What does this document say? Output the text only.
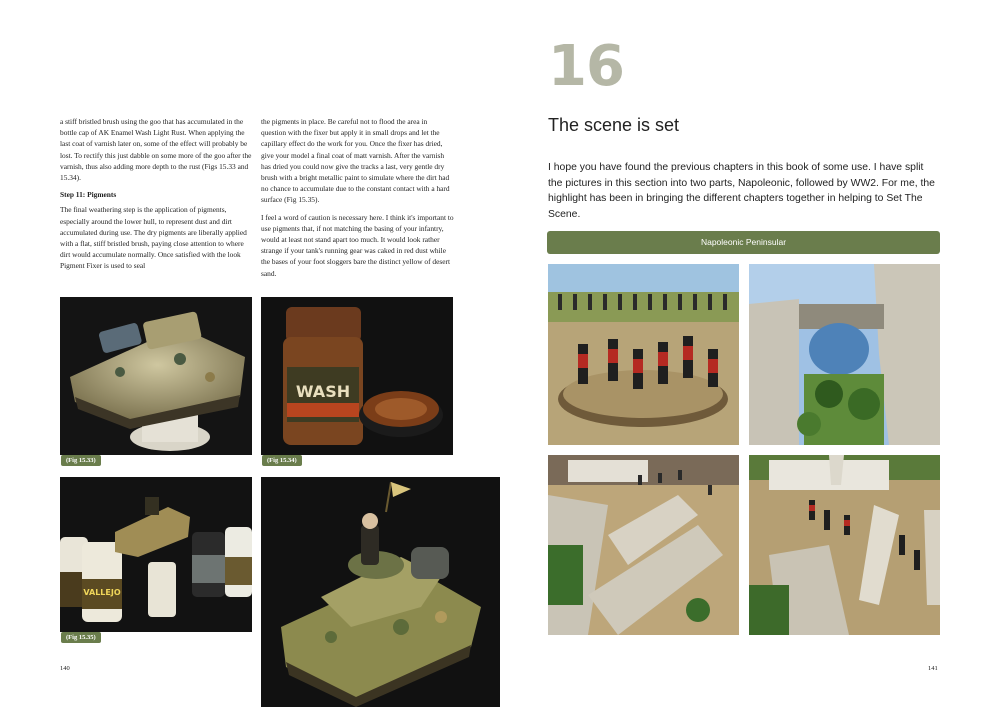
a stiff bristled brush using the goo that has accumulated in the bottle cap of AK Enamel Wash Light Rust. When applying the last coat of varnish later on, some of the effect will probably be lost. To rectify this just dabble on some more of the goo after the varnish, thus also adding more depth to the rust (Figs 15.33 and 15.34).

Step 11: Pigments

The final weathering step is the application of pigments, especially around the lower hull, to represent dust and dirt accumulated during use. The dry pigments are liberally applied with a flat, stiff bristled brush, paying close attention to where dirt would accumulate normally. Once satisfied with the look Pigment Fixer is used to seal

the pigments in place. Be careful not to flood the area in question with the fixer but apply it in small drops and let the capillary effect do the work for you. Once the fixer has dried, give your model a final coat of matt varnish. After the varnish has dried you could now give the tracks a last, very gentle dry brush with a bright metallic paint to simulate where the dirt had no chance to accumulate due to the constant contact with a hard surface (Fig 15.35).

I feel a word of caution is necessary here. I think it's important to use pigments that, if not matching the basing of your infantry, would at least not stand apart too much. It would look rather strange if your tank's running gear was caked in red dust while the bases of your foot sloggers bare the distinct yellow of desert sand.

(Fig 15.33)
WASH
(Fig 15.34)
VALLEJO
(Fig 15.35)
140
16
The scene is set
I hope you have found the previous chapters in this book of some use. I have split the pictures in this section into two parts, Napoleonic, followed by WW2. For me, the highlight has been in bringing the different chapters together in helping to Set The Scene.
Napoleonic Peninsular
141
